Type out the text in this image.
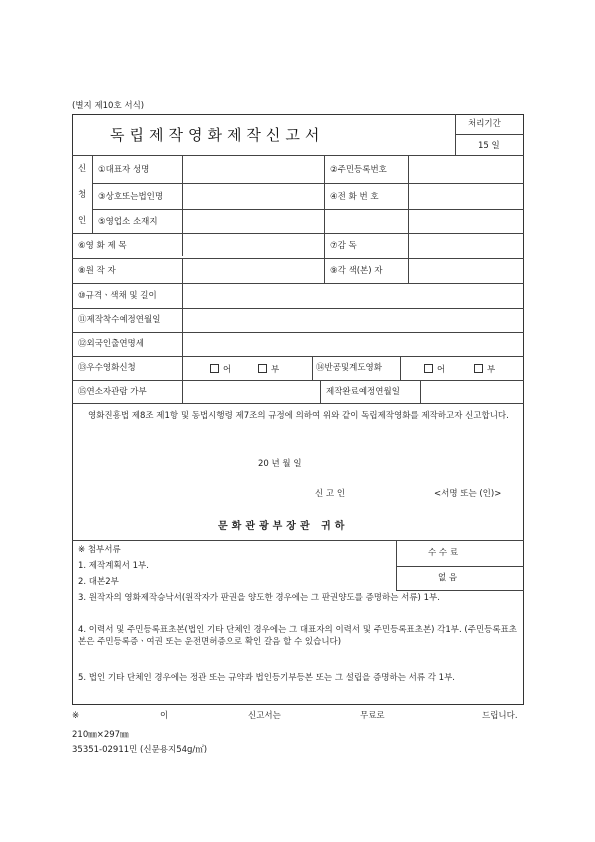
(별지 제10호 서식)
독립제작영화제작신고서
처리기간
15 일
신
청
인
①대표자 성명	②주민등록번호
③상호또는법인명	④전 화 번 호
⑤영업소 소재지
⑥영 화 제 목	⑦감 독
⑧원 작 자	⑨각 색(본) 자
⑩규격ㆍ색채 및 길이
⑪제작착수예정연월일
⑫외국인출연명세
⑬우수영화신청	어	부	⑭반공및계도영화	어	부
⑮연소자관람 가부	제작완료예정연월일
영화진흥법 제8조 제1항 및 동법시행령 제7조의 규정에 의하여 위와 같이 독립제작영화를 제작하고자 신고합니다.
20 년 월 일
신 고 인	<서명 또는 (인)>
문화관광부장관 귀하
※ 첨부서류
1. 제작계획서 1부.
2. 대본2부
3. 원작자의 영화제작승낙서(원작자가 판권을 양도한 경우에는 그 판권양도를 증명하는 서류) 1부.
4. 이력서 및 주민등록표초본(법인 기타 단체인 경우에는 그 대표자의 이력서 및 주민등록표초본) 각1부. (주민등록표초본은 주민등록증ㆍ여권 또는 운전면허증으로 확인 갈음 할 수 있습니다)
5. 법인 기타 단체인 경우에는 정관 또는 규약과 법인등기부등본 또는 그 설립을 증명하는 서류 각 1부.
수 수 료
없 음
※	이	신고서는	무료로	드립니다.
210㎜×297㎜
35351-02911민 (신문용지54g/㎡)
